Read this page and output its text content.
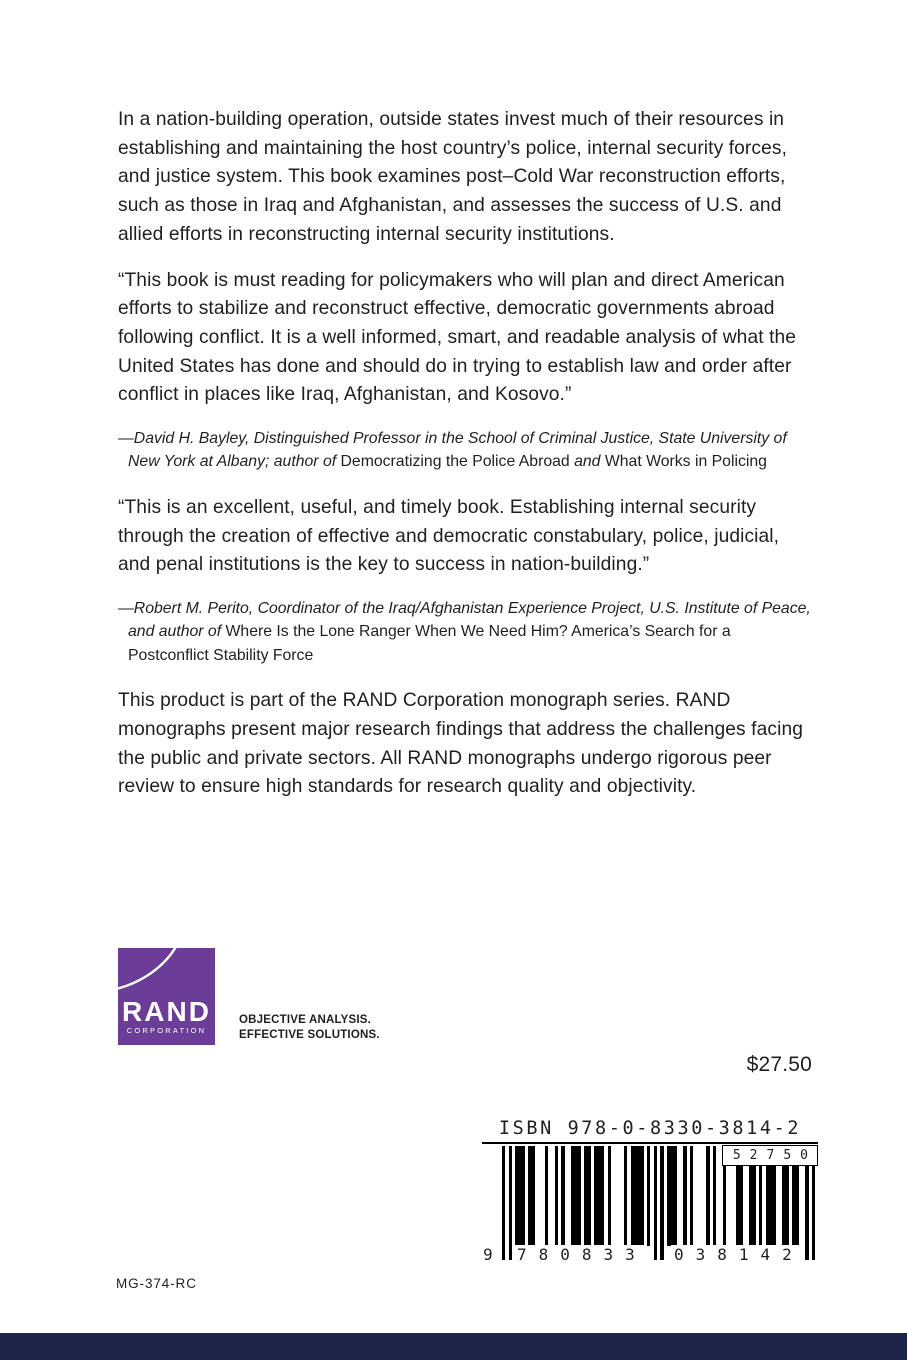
In a nation-building operation, outside states invest much of their resources in establishing and maintaining the host country’s police, internal security forces, and justice system. This book examines post–Cold War reconstruction efforts, such as those in Iraq and Afghanistan, and assesses the success of U.S. and allied efforts in reconstructing internal security institutions.

“This book is must reading for policymakers who will plan and direct American efforts to stabilize and reconstruct effective, democratic governments abroad following conflict. It is a well informed, smart, and readable analysis of what the United States has done and should do in trying to establish law and order after conflict in places like Iraq, Afghanistan, and Kosovo.”

—David H. Bayley, Distinguished Professor in the School of Criminal Justice, State University of New York at Albany; author of Democratizing the Police Abroad and What Works in Policing

“This is an excellent, useful, and timely book. Establishing internal security through the creation of effective and democratic constabulary, police, judicial, and penal institutions is the key to success in nation-building.”

—Robert M. Perito, Coordinator of the Iraq/Afghanistan Experience Project, U.S. Institute of Peace, and author of Where Is the Lone Ranger When We Need Him? America’s Search for a Postconflict Stability Force

This product is part of the RAND Corporation monograph series. RAND monographs present major research findings that address the challenges facing the public and private sectors. All RAND monographs undergo rigorous peer review to ensure high standards for research quality and objectivity.

RAND
CORPORATION
OBJECTIVE ANALYSIS.
EFFECTIVE SOLUTIONS.
$27.50
ISBN 978-0-8330-3814-2
52750
9 780833 038142
MG-374-RC
